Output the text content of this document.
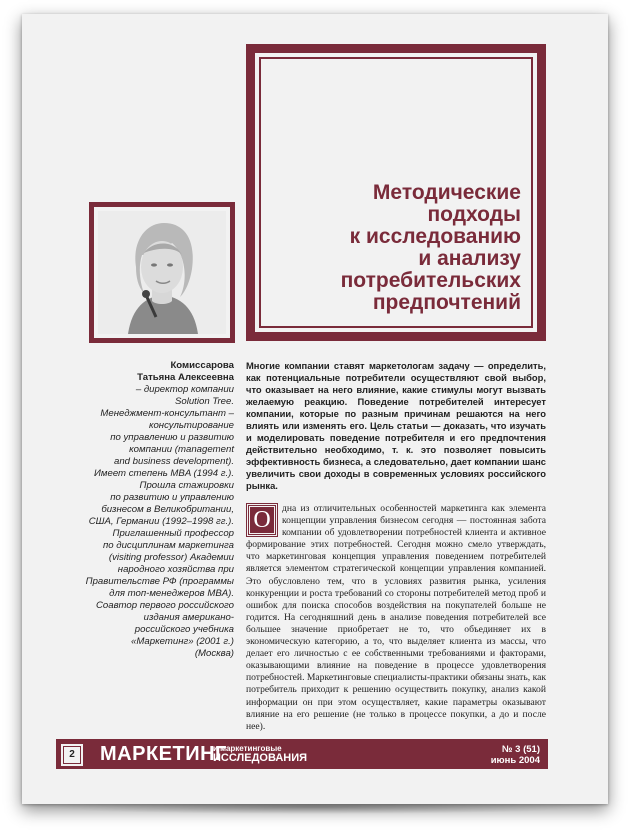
Методические
подходы
к исследованию
и анализу
потребительских
предпочтений
Комиссарова
Татьяна Алексеевна
– директор компании
Solution Tree.
Менеджмент-консультант –
консультирование
по управлению и развитию
компании (management
and business development).
Имеет степень MBA (1994 г.).
Прошла стажировки
по развитию и управлению
бизнесом в Великобритании,
США, Германии (1992–1998 гг.).
Приглашенный профессор
по дисциплинам маркетинга
(visiting professor) Академии
народного хозяйства при
Правительстве РФ (программы
для топ-менеджеров MBA).
Соавтор первого российского
издания американо-
российского учебника
«Маркетинг» (2001 г.)
(Москва)
Многие компании ставят маркетологам задачу — определить, как потенциальные потребители осуществляют свой выбор, что оказывает на него влияние, какие стимулы могут вызвать желаемую реакцию. Поведение потребителей интересует компании, которые по разным причинам решаются на него влиять или изменять его. Цель статьи — доказать, что изучать и моделировать поведение потребителя и его предпочтения действительно необходимо, т. к. это позволяет повысить эффективность бизнеса, а следовательно, дает компании шанс увеличить свои доходы в современных условиях российского рынка.
О	дна из отличительных особенностей маркетинга как элемента концепции управления бизнесом сегодня — постоянная забота компании об удовлетворении потребностей клиента и активное формирование этих потребностей. Сегодня можно смело утверждать, что маркетинговая концепция управления поведением потребителей является элементом стратегической концепции управления компанией. Это обусловлено тем, что в условиях развития рынка, усиления конкуренции и роста требований со стороны потребителей метод проб и ошибок для поиска способов воздействия на покупателей больше не годится. На сегодняшний день в анализе поведения потребителей все большее значение приобретает не то, что объединяет их в экономическую категорию, а то, что выделяет клиента из массы, что делает его личностью с ее собственными требованиями и факторами, оказывающими влияние на поведение в процессе удовлетворения потребностей. Маркетинговые специалисты-практики обязаны знать, как потребитель приходит к решению осуществить покупку, анализ какой информации он при этом осуществляет, какие параметры оказывают влияние на его решение (не только в процессе покупки, а до и после нее).
2	МАРКЕТИНГ
и маркетинговые
ИССЛЕДОВАНИЯ
№ 3 (51)
июнь 2004
